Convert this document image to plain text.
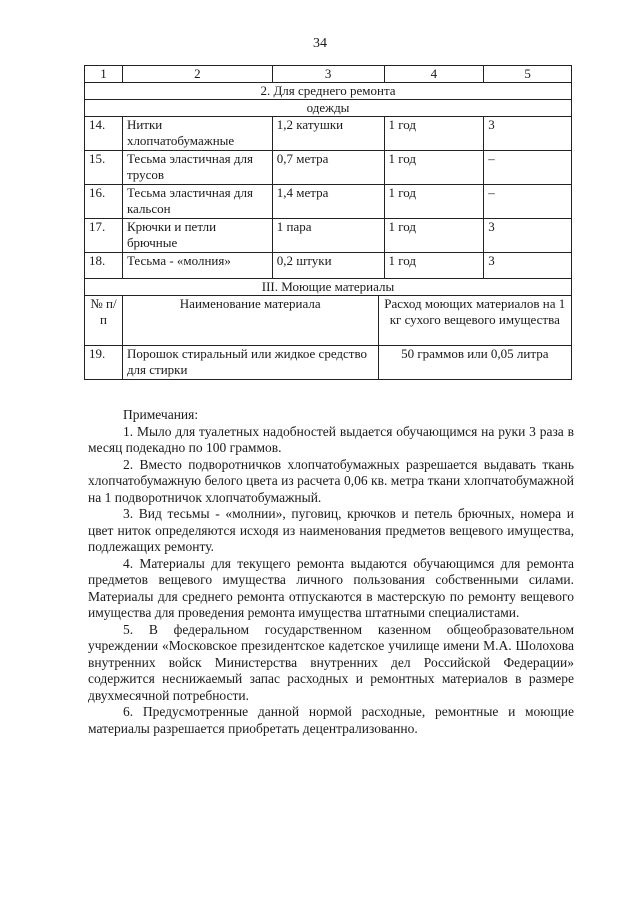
34
1	2	3		4	5
2. Для среднего ремонта					
одежды					
14.	Нитки хлопчатобумажные	1,2 катушки		1 год	3
15.	Тесьма эластичная для трусов	0,7 метра		1 год	–
16.	Тесьма эластичная для кальсон	1,4 метра		1 год	–
17.	Крючки и петли брючные	1 пара		1 год	3
18.	Тесьма - «молния»	0,2 штуки		1 год	3
III. Моющие материалы					
№ п/п	Наименование материала		Расход моющих материалов на 1 кг сухого вещевого имущества		
19.	Порошок стиральный или жидкое средство для стирки		50 граммов или 0,05 литра		

Примечания:

1. Мыло для туалетных надобностей выдается обучающимся на руки 3 раза в месяц подекадно по 100 граммов.

2. Вместо подворотничков хлопчатобумажных разрешается выдавать ткань хлопчатобумажную белого цвета из расчета 0,06 кв. метра ткани хлопчатобумажной на 1 подворотничок хлопчатобумажный.

3. Вид тесьмы - «молнии», пуговиц, крючков и петель брючных, номера и цвет ниток определяются исходя из наименования предметов вещевого имущества, подлежащих ремонту.

4. Материалы для текущего ремонта выдаются обучающимся для ремонта предметов вещевого имущества личного пользования собственными силами. Материалы для среднего ремонта отпускаются в мастерскую по ремонту вещевого имущества для проведения ремонта имущества штатными специалистами.

5. В федеральном государственном казенном общеобразовательном учреждении «Московское президентское кадетское училище имени М.А. Шолохова внутренних войск Министерства внутренних дел Российской Федерации» содержится неснижаемый запас расходных и ремонтных материалов в размере двухмесячной потребности.

6. Предусмотренные данной нормой расходные, ремонтные и моющие материалы разрешается приобретать децентрализованно.
